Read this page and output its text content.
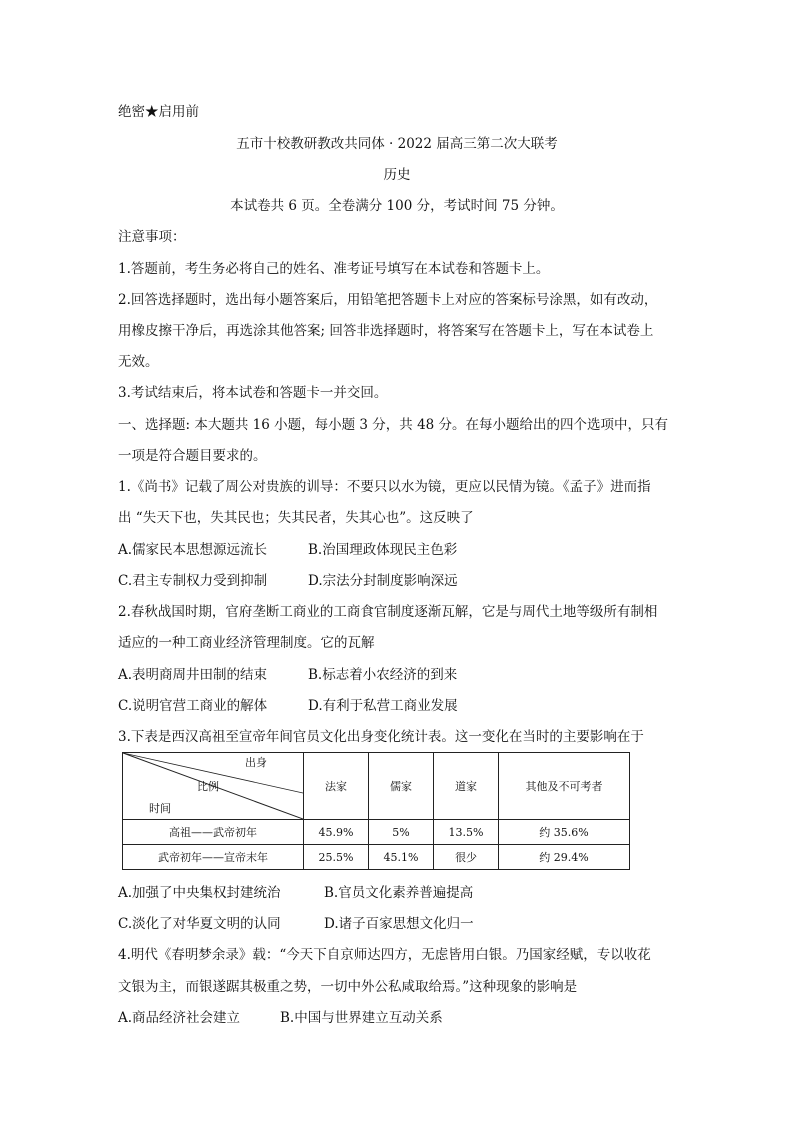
绝密★启用前
五市十校教研教改共同体 · 2022 届高三第二次大联考
历史
本试卷共 6 页。全卷满分 100 分，考试时间 75 分钟。
注意事项：
1.答题前，考生务必将自己的姓名、准考证号填写在本试卷和答题卡上。
2.回答选择题时，选出每小题答案后，用铅笔把答题卡上对应的答案标号涂黑，如有改动，
用橡皮擦干净后，再选涂其他答案; 回答非选择题时，将答案写在答题卡上，写在本试卷上
无效。
3.考试结束后，将本试卷和答题卡一并交回。
一、选择题: 本大题共 16 小题，每小题 3 分，共 48 分。在每小题给出的四个选项中，只有
一项是符合题目要求的。
1.《尚书》记载了周公对贵族的训导：不要只以水为镜，更应以民情为镜。《孟子》进而指
出 “失天下也，失其民也；失其民者，失其心也”。这反映了
A.儒家民本思想源远流长	B.治国理政体现民主色彩
C.君主专制权力受到抑制	D.宗法分封制度影响深远
2.春秋战国时期，官府垄断工商业的工商食官制度逐渐瓦解，它是与周代土地等级所有制相
适应的一种工商业经济管理制度。它的瓦解
A.表明商周井田制的结束	B.标志着小农经济的到来
C.说明官营工商业的解体	D.有利于私营工商业发展
3.下表是西汉高祖至宣帝年间官员文化出身变化统计表。这一变化在当时的主要影响在于
出身
比例
时间	法家	儒家	道家	其他及不可考者
高祖——武帝初年	45.9%	5%	13.5%	约 35.6%
武帝初年——宣帝末年	25.5%	45.1%	很少	约 29.4%
A.加强了中央集权封建统治	B.官员文化素养普遍提高
C.淡化了对华夏文明的认同	D.诸子百家思想文化归一
4.明代《春明梦余录》载：“今天下自京师达四方，无虑皆用白银。乃国家经赋，专以收花
文银为主，而银遂踞其极重之势，一切中外公私咸取给焉。”这种现象的影响是
A.商品经济社会建立	B.中国与世界建立互动关系
